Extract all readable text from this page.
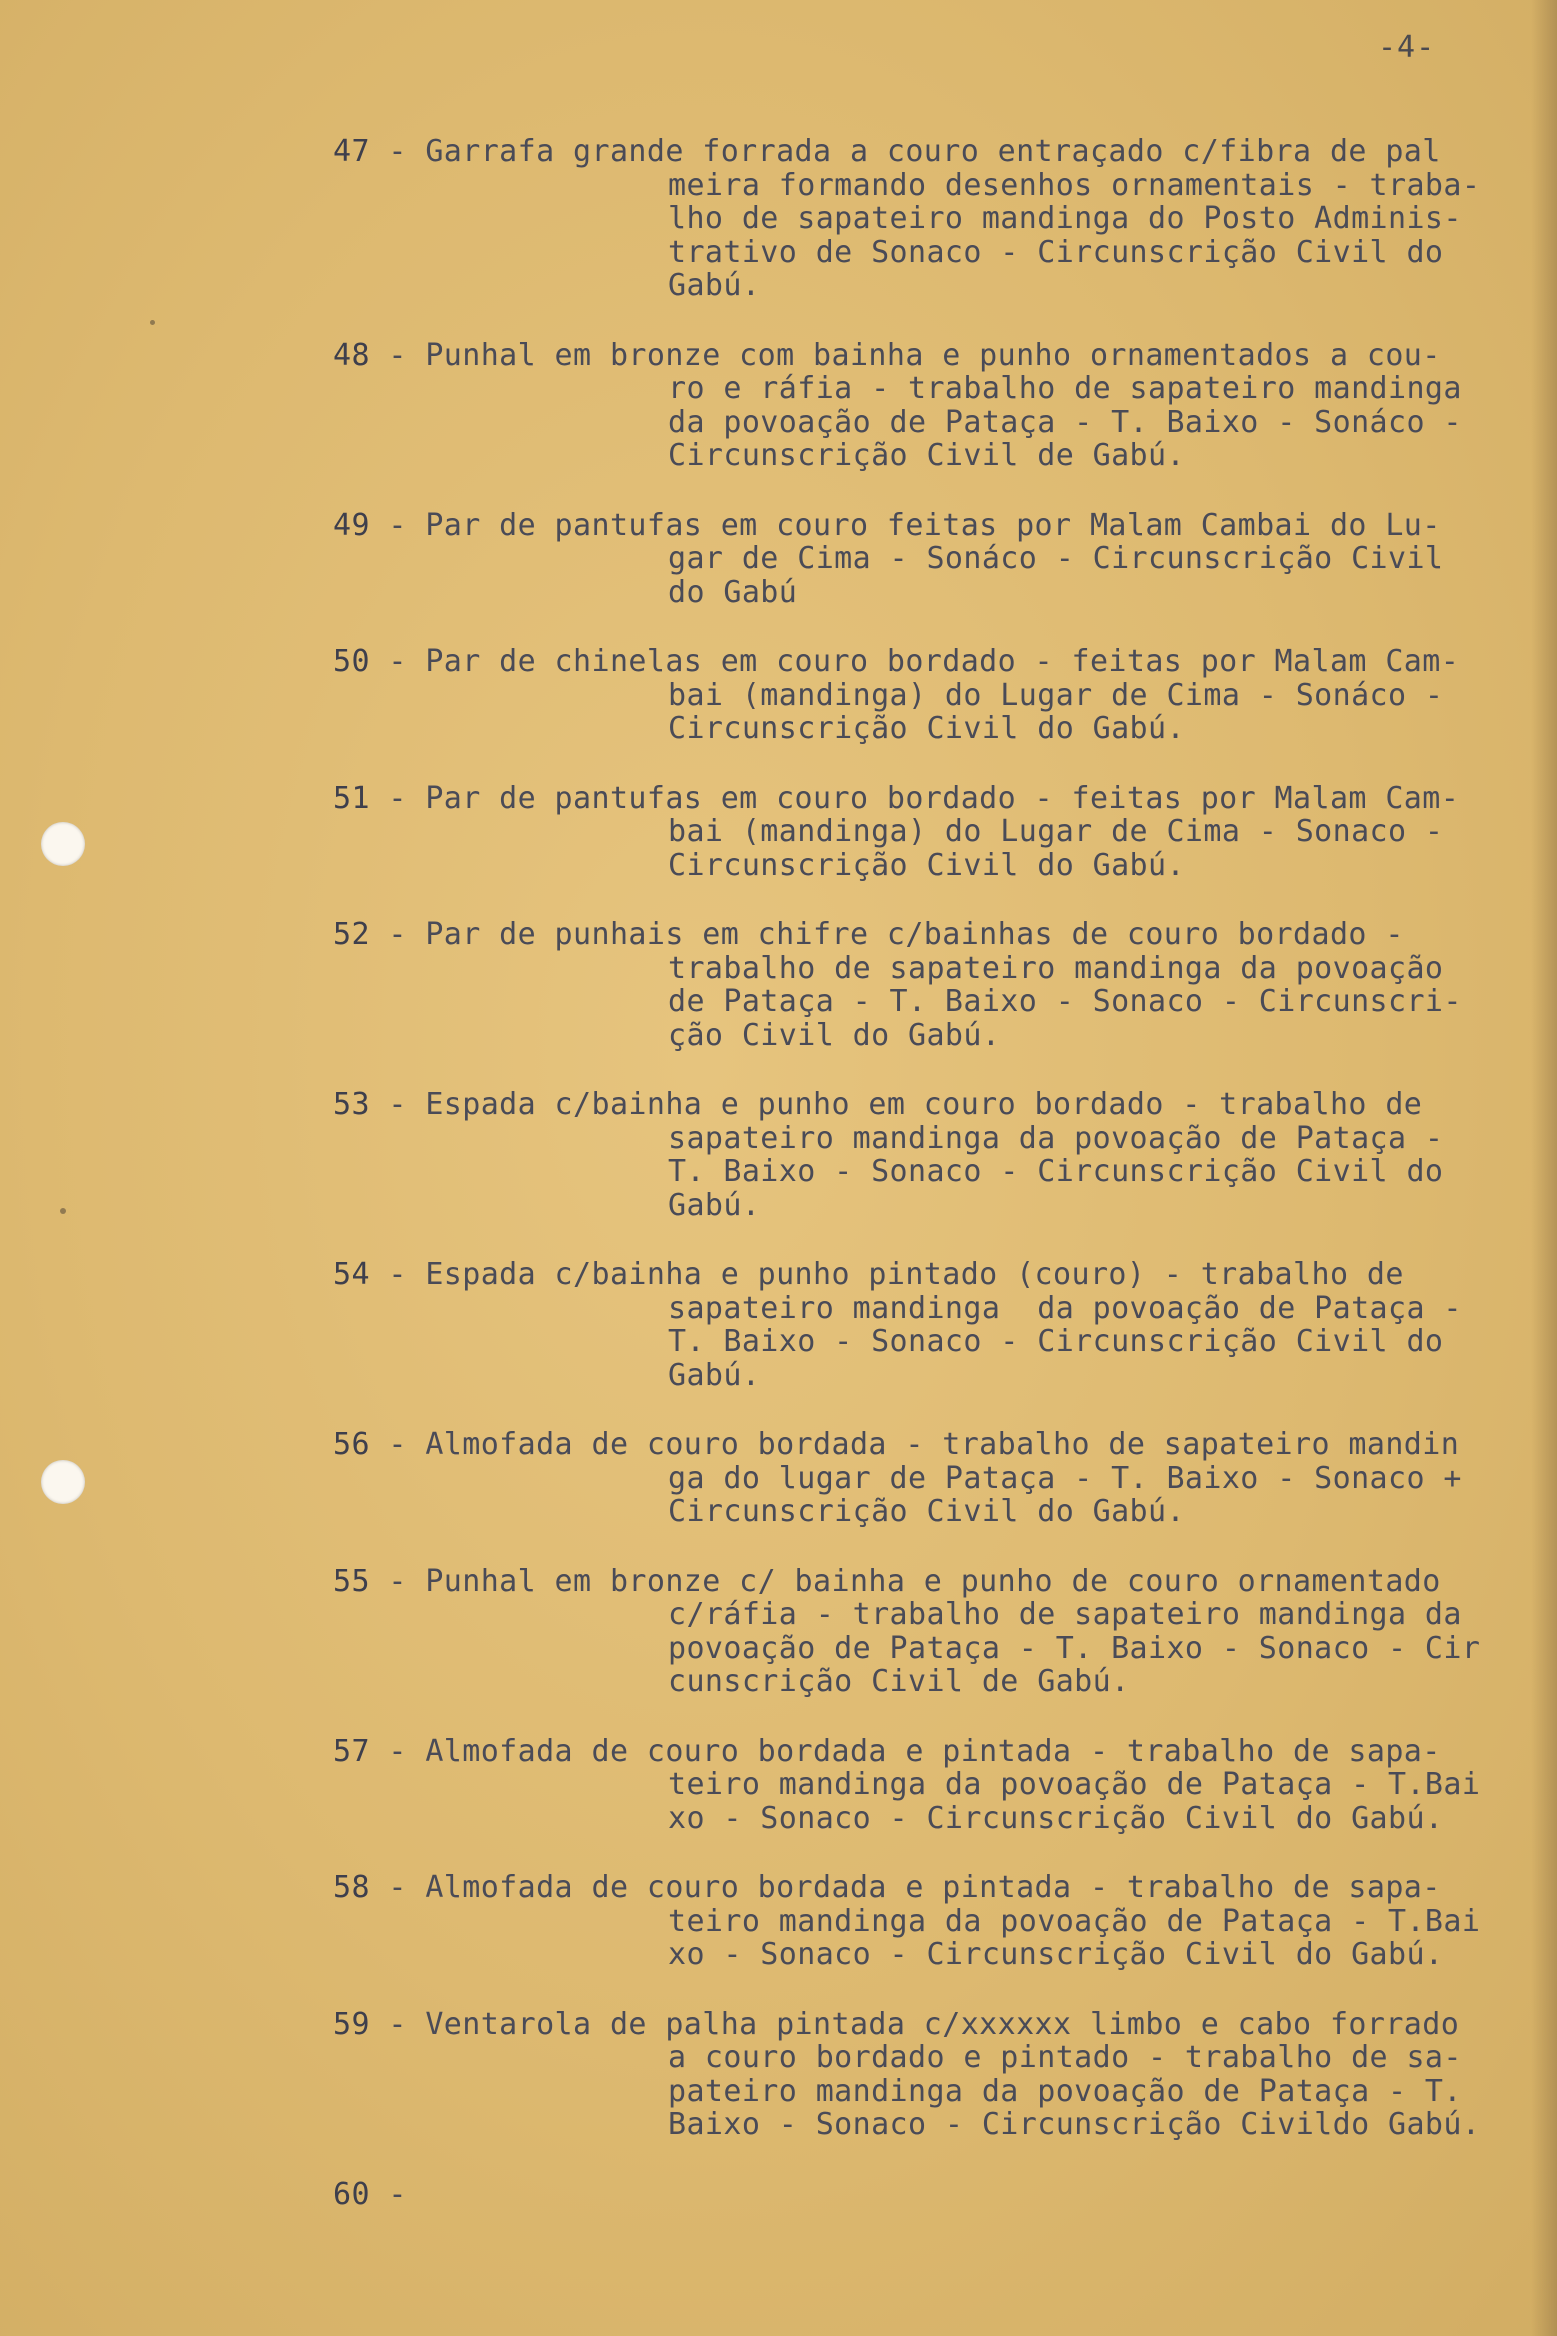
-4-
47 - Garrafa grande forrada a couro entraçado c/fibra de pal
meira formando desenhos ornamentais - traba-
lho de sapateiro mandinga do Posto Adminis-
trativo de Sonaco - Circunscrição Civil do
Gabú.
48 - Punhal em bronze com bainha e punho ornamentados a cou-
ro e ráfia - trabalho de sapateiro mandinga
da povoação de Pataça - T. Baixo - Sonáco -
Circunscrição Civil de Gabú.
49 - Par de pantufas em couro feitas por Malam Cambai do Lu-
gar de Cima - Sonáco - Circunscrição Civil
do Gabú
50 - Par de chinelas em couro bordado - feitas por Malam Cam-
bai (mandinga) do Lugar de Cima - Sonáco -
Circunscrição Civil do Gabú.
51 - Par de pantufas em couro bordado - feitas por Malam Cam-
bai (mandinga) do Lugar de Cima - Sonaco -
Circunscrição Civil do Gabú.
52 - Par de punhais em chifre c/bainhas de couro bordado -
trabalho de sapateiro mandinga da povoação
de Pataça - T. Baixo - Sonaco - Circunscri-
ção Civil do Gabú.
53 - Espada c/bainha e punho em couro bordado - trabalho de
sapateiro mandinga da povoação de Pataça -
T. Baixo - Sonaco - Circunscrição Civil do
Gabú.
54 - Espada c/bainha e punho pintado (couro) - trabalho de
sapateiro mandinga  da povoação de Pataça -
T. Baixo - Sonaco - Circunscrição Civil do
Gabú.
56 - Almofada de couro bordada - trabalho de sapateiro mandin
ga do lugar de Pataça - T. Baixo - Sonaco +
Circunscrição Civil do Gabú.
55 - Punhal em bronze c/ bainha e punho de couro ornamentado
c/ráfia - trabalho de sapateiro mandinga da
povoação de Pataça - T. Baixo - Sonaco - Cir
cunscrição Civil de Gabú.
57 - Almofada de couro bordada e pintada - trabalho de sapa-
teiro mandinga da povoação de Pataça - T.Bai
xo - Sonaco - Circunscrição Civil do Gabú.
58 - Almofada de couro bordada e pintada - trabalho de sapa-
teiro mandinga da povoação de Pataça - T.Bai
xo - Sonaco - Circunscrição Civil do Gabú.
59 - Ventarola de palha pintada c/xxxxxx limbo e cabo forrado
a couro bordado e pintado - trabalho de sa-
pateiro mandinga da povoação de Pataça - T.
Baixo - Sonaco - Circunscrição Civildo Gabú.
60 -
